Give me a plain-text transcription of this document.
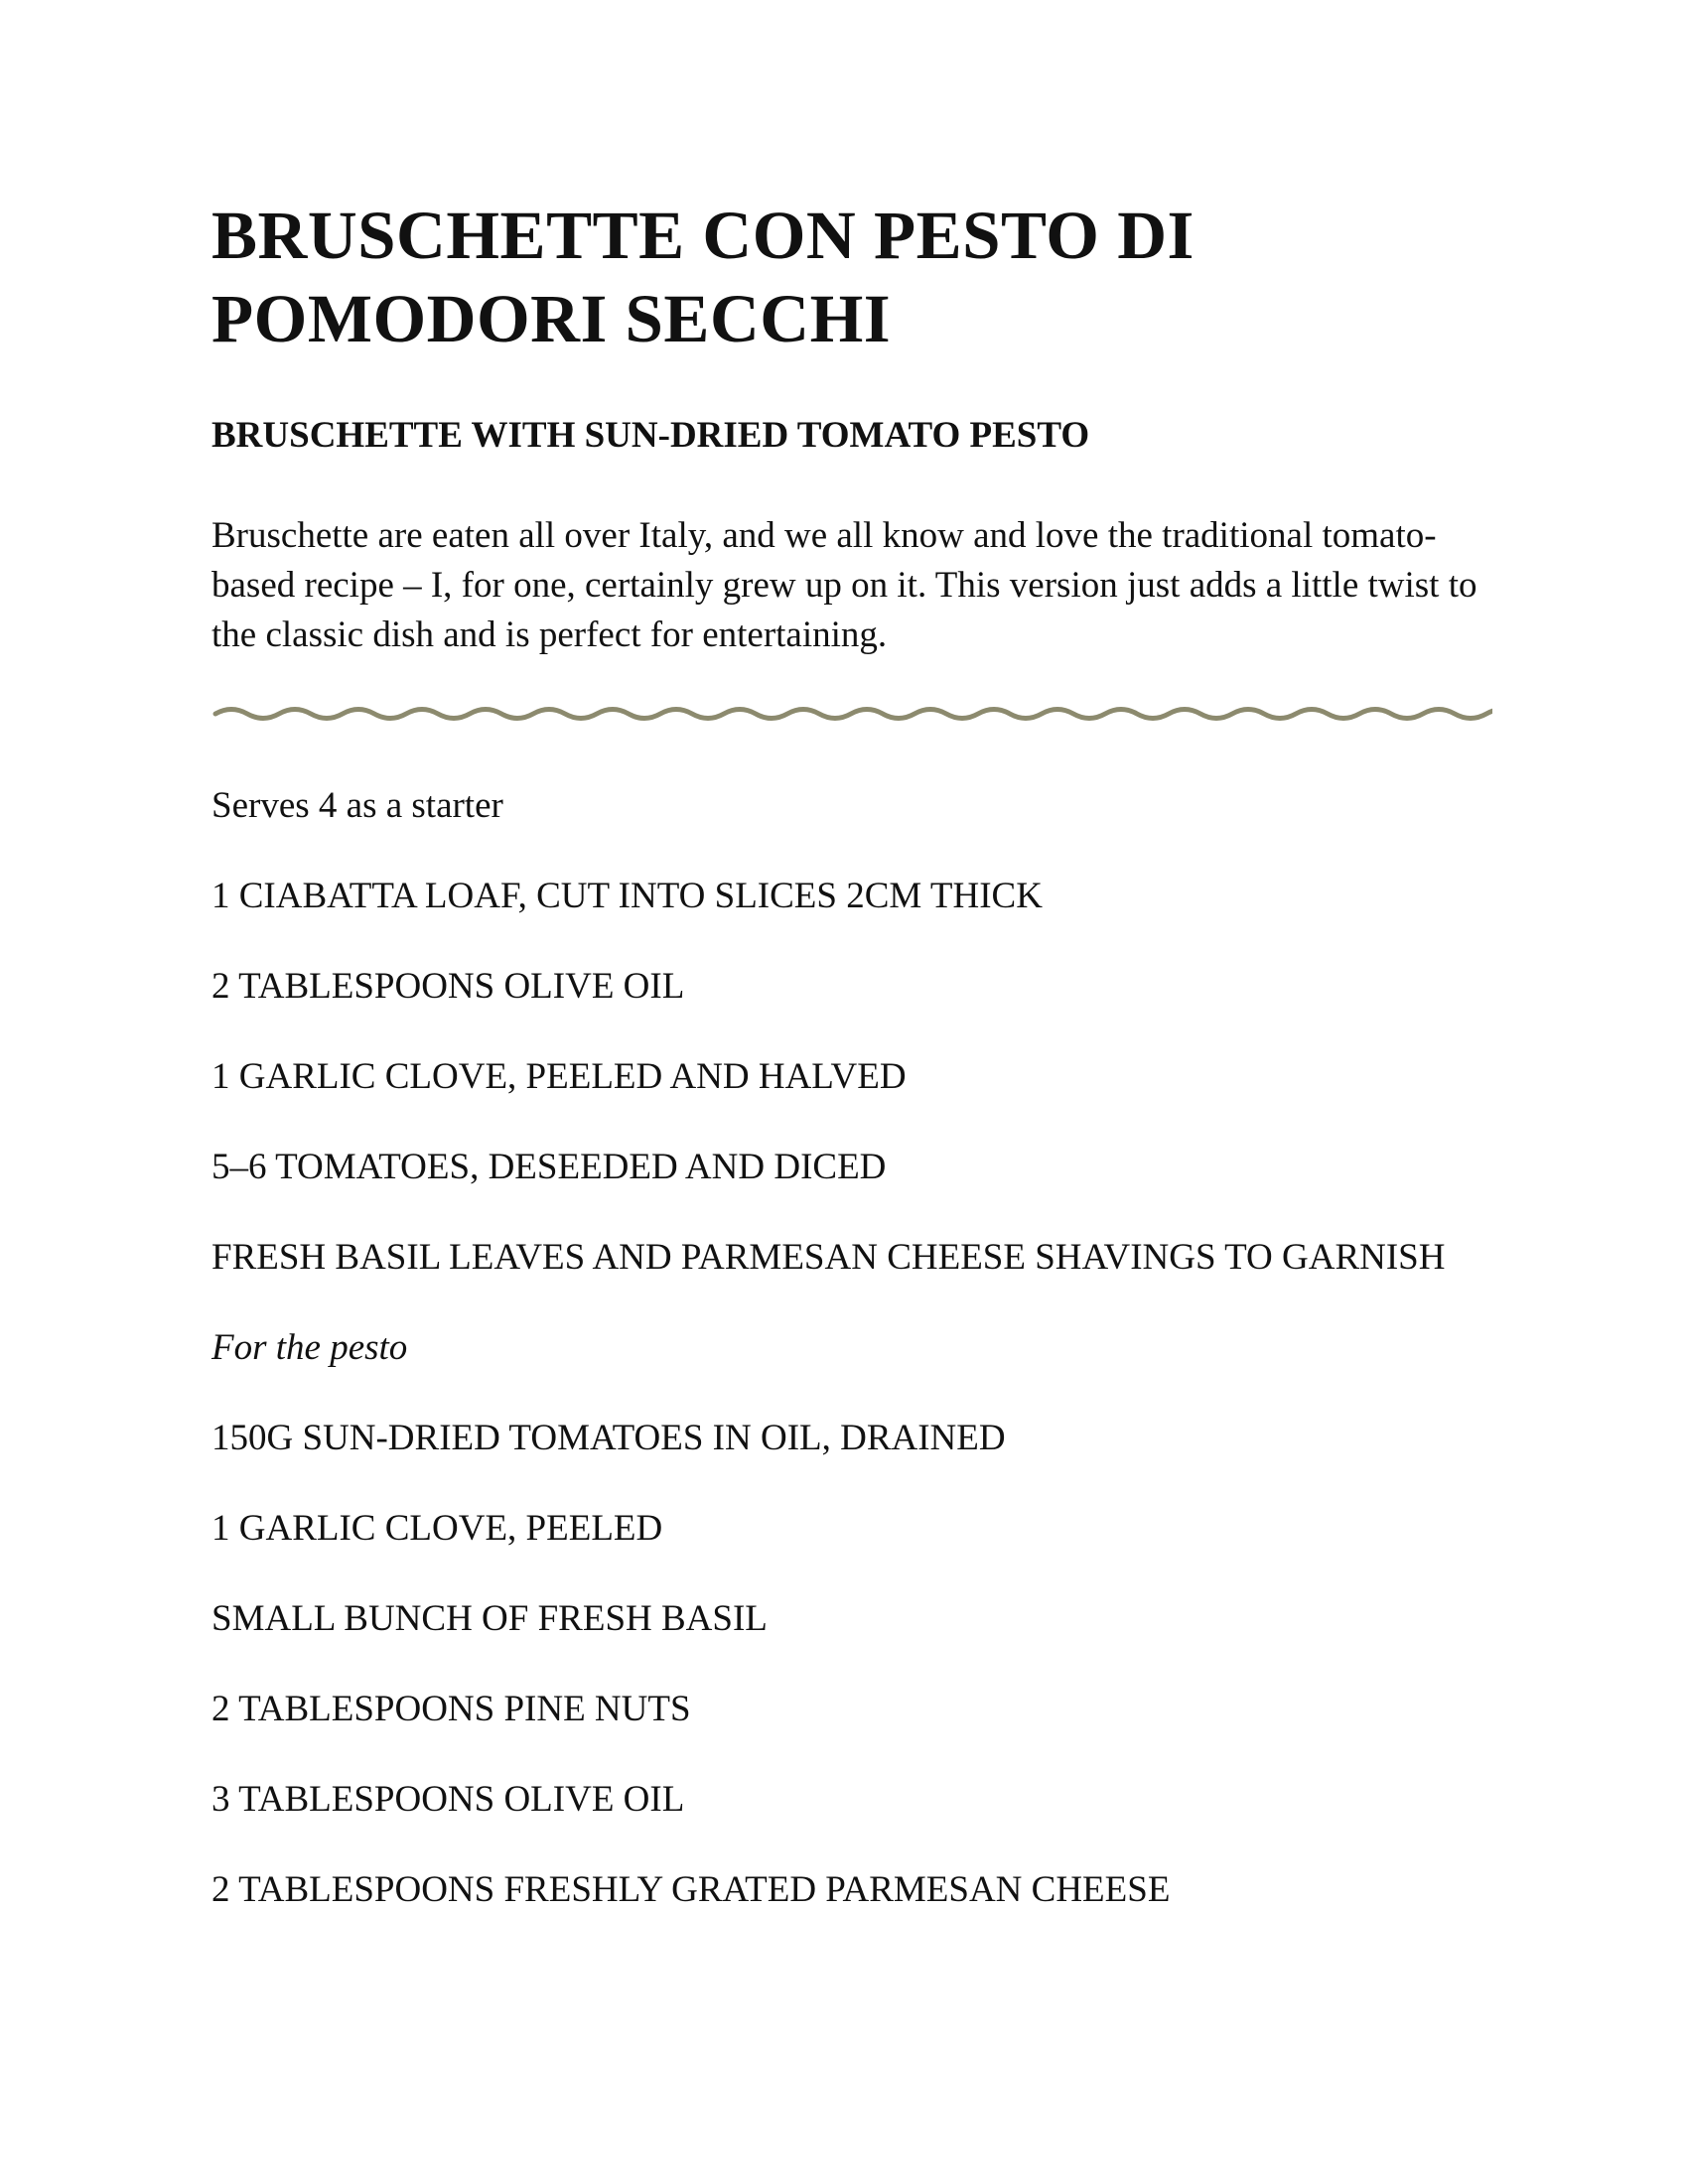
BRUSCHETTE CON PESTO DI POMODORI SECCHI
BRUSCHETTE WITH SUN-DRIED TOMATO PESTO

Bruschette are eaten all over Italy, and we all know and love the traditional tomato-based recipe – I, for one, certainly grew up on it. This version just adds a little twist to the classic dish and is perfect for entertaining.

Serves 4 as a starter

1 CIABATTA LOAF, CUT INTO SLICES 2CM THICK
2 TABLESPOONS OLIVE OIL
1 GARLIC CLOVE, PEELED AND HALVED
5–6 TOMATOES, DESEEDED AND DICED
FRESH BASIL LEAVES AND PARMESAN CHEESE SHAVINGS TO GARNISH

For the pesto

150G SUN-DRIED TOMATOES IN OIL, DRAINED
1 GARLIC CLOVE, PEELED
SMALL BUNCH OF FRESH BASIL
2 TABLESPOONS PINE NUTS
3 TABLESPOONS OLIVE OIL
2 TABLESPOONS FRESHLY GRATED PARMESAN CHEESE
